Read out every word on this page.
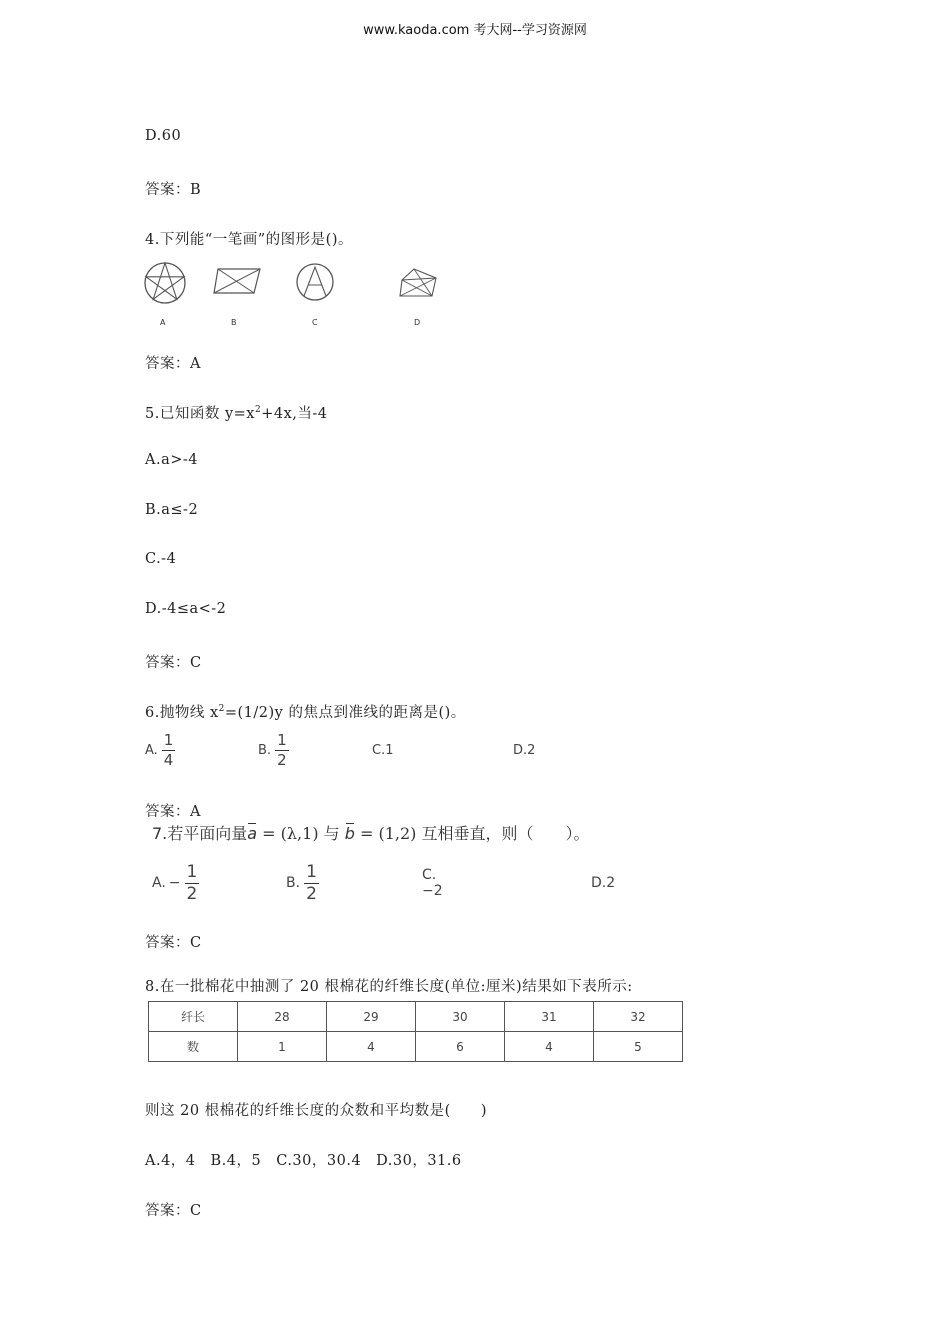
www.kaoda.com 考大网--学习资源网
D.60
答案：B
4.下列能“一笔画”的图形是()。
A	B	C	D
答案：A
5.已知函数 $y=x^2+4x$,当-4
A.a>-4
B.a≤-2
C.-4
D.-4≤a<-2
答案：C
6.抛物线 $x^2=(1/2)y$ 的焦点到准线的距离是()。
A. $\frac{1}{4}$	B. $\frac{1}{2}$	C.1	D.2
答案：A
7.若平面向量a = (λ,1) 与 b = (1,2) 互相垂直，则（　　）。
A. − $\frac{1}{2}$	B. $\frac{1}{2}$	C.−2	D.2
答案：C
8.在一批棉花中抽测了 20 根棉花的纤维长度(单位:厘米)结果如下表所示:
纤长	28	29	30	31	32
数	1	4	6	4	5
则这 20 根棉花的纤维长度的众数和平均数是(　　)
A.4，4　B.4，5　C.30，30.4　D.30，31.6
答案：C
